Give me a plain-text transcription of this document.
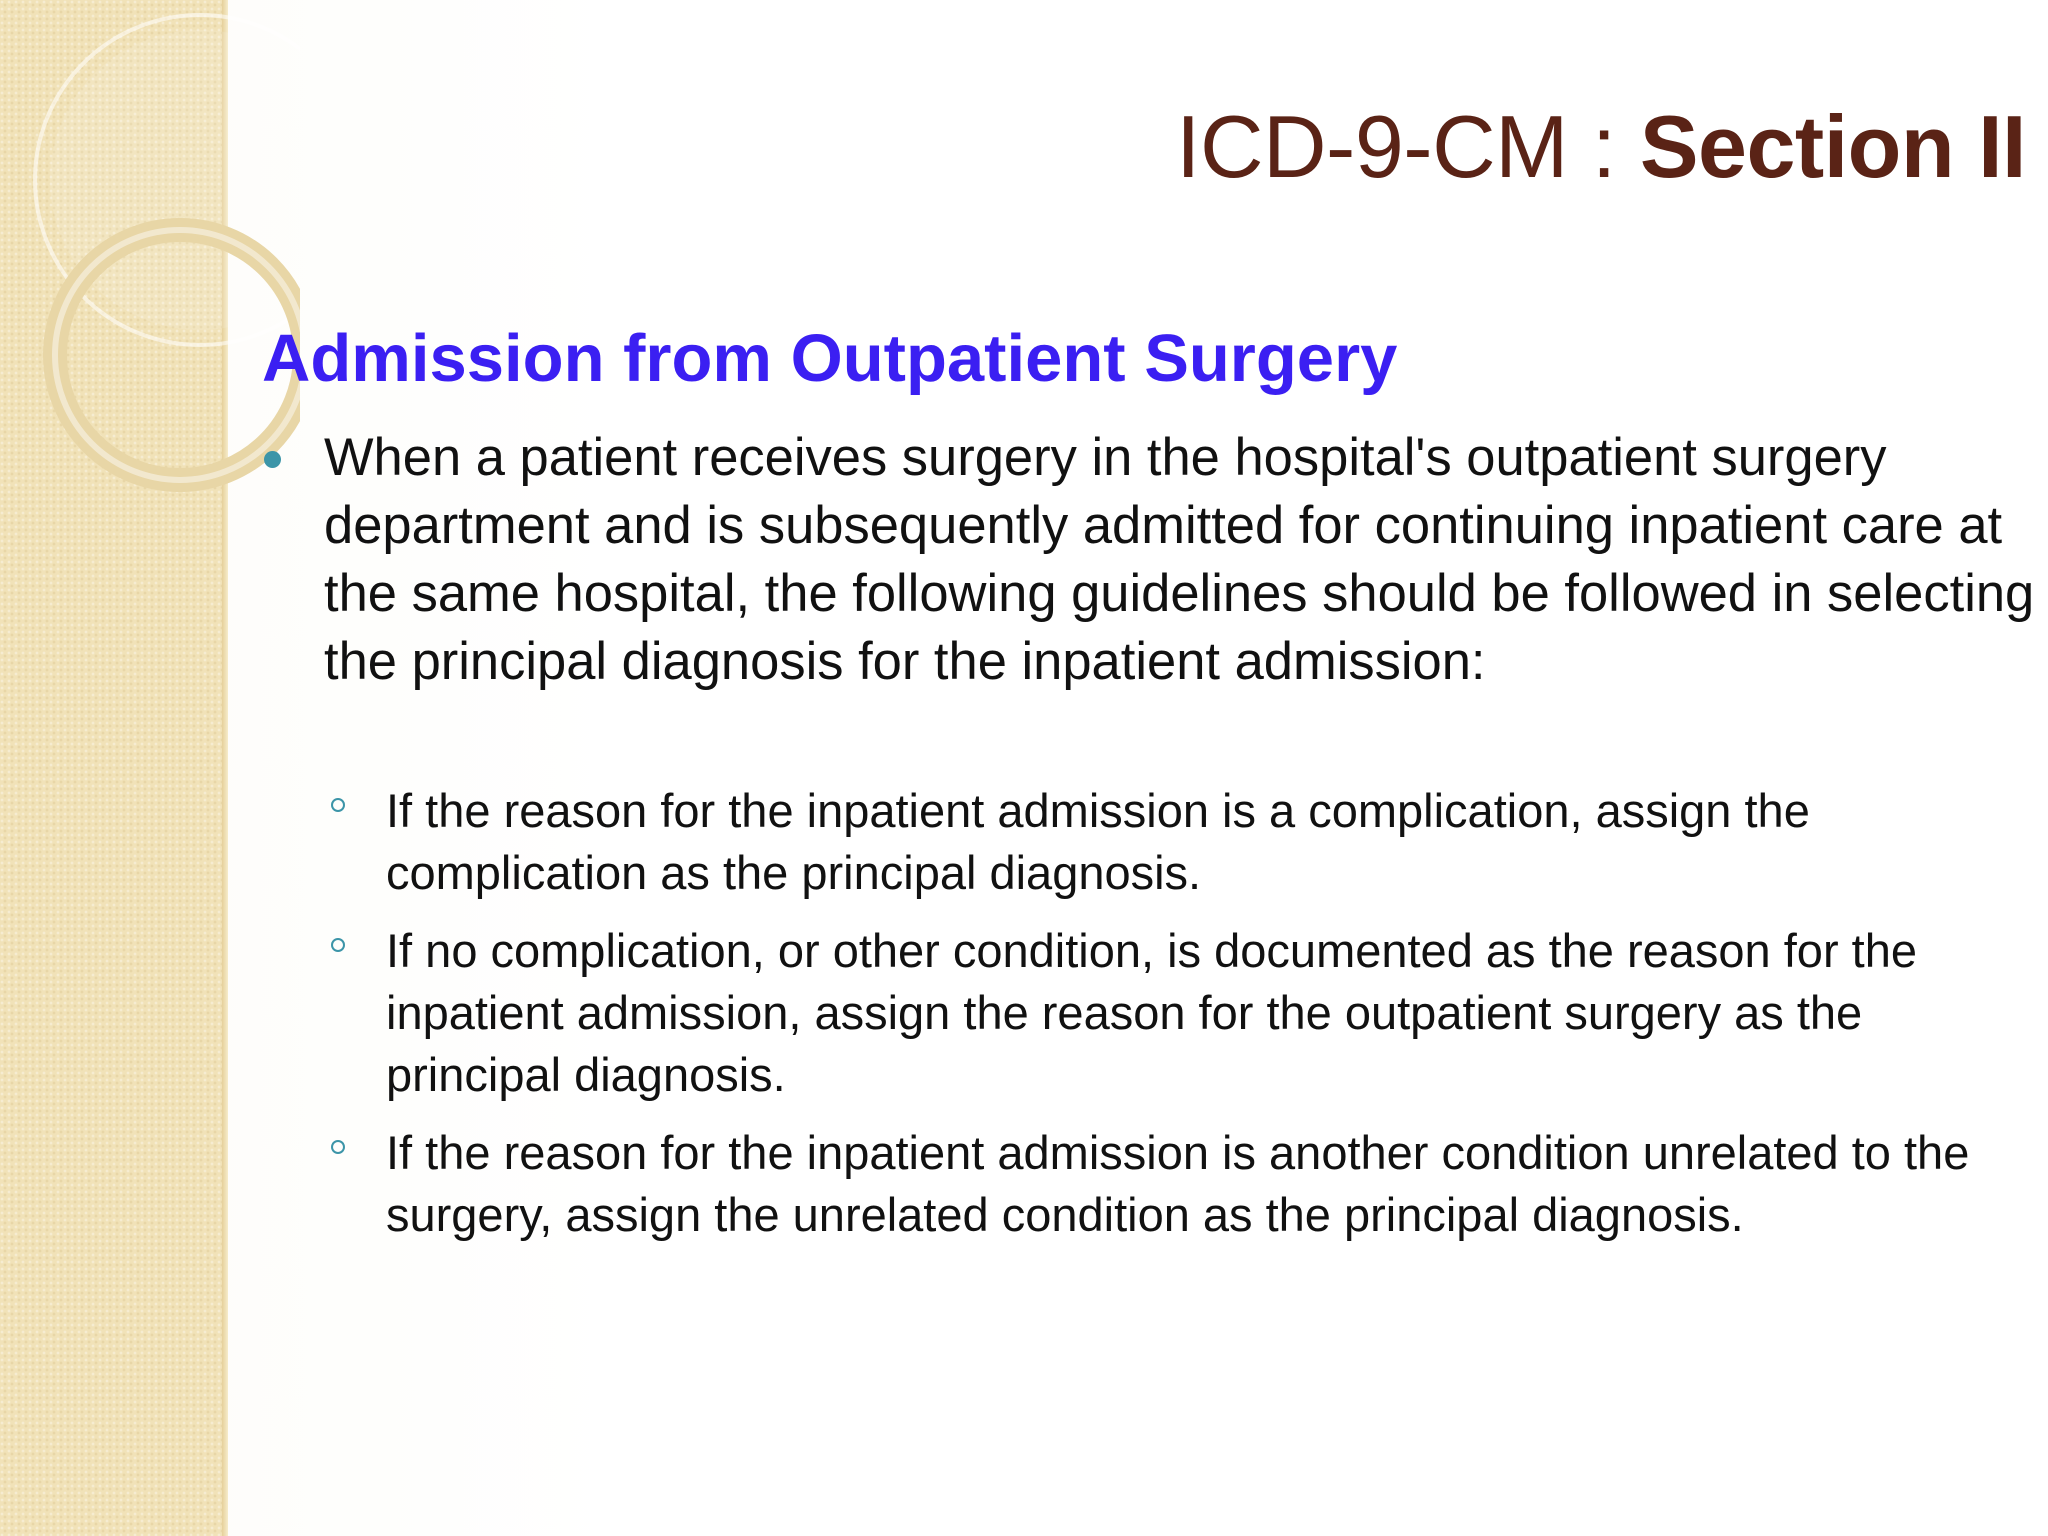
ICD-9-CM : Section II
Admission from Outpatient Surgery
When a patient receives surgery in the hospital's outpatient surgery department and is subsequently admitted for continuing inpatient care at the same hospital, the following guidelines should be followed in selecting the principal diagnosis for the inpatient admission:
If the reason for the inpatient admission is a complication, assign the complication as the principal diagnosis.
If no complication, or other condition, is documented as the reason for the inpatient admission, assign the reason for the outpatient surgery as the principal diagnosis.
If the reason for the inpatient admission is another condition unrelated to the surgery, assign the unrelated condition as the principal diagnosis.
